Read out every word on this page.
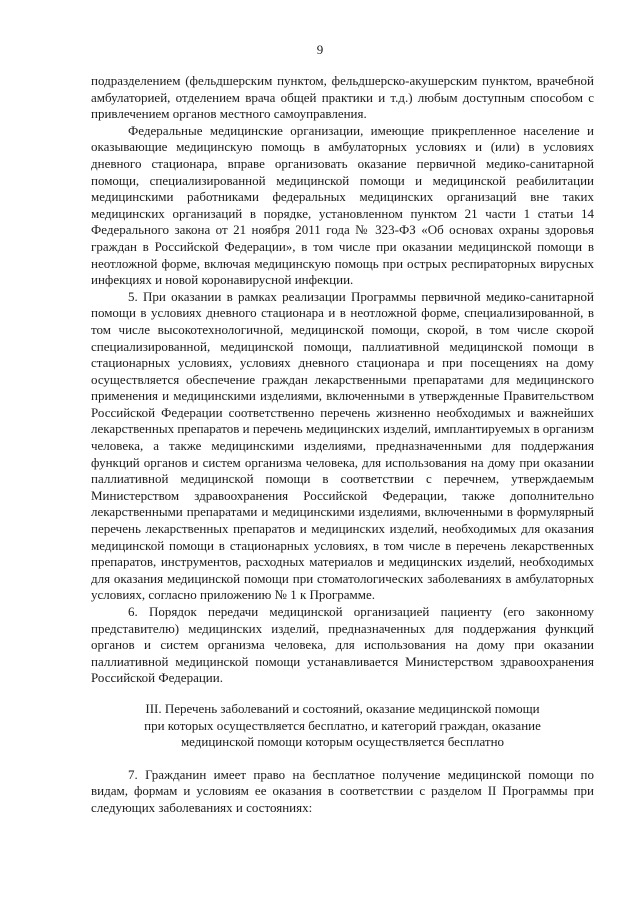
9

подразделением (фельдшерским пунктом, фельдшерско-акушерским пунктом, врачебной амбулаторией, отделением врача общей практики и т.д.) любым доступным способом с привлечением органов местного самоуправления.

Федеральные медицинские организации, имеющие прикрепленное население и оказывающие медицинскую помощь в амбулаторных условиях и (или) в условиях дневного стационара, вправе организовать оказание первичной медико-санитарной помощи, специализированной медицинской помощи и медицинской реабилитации медицинскими работниками федеральных медицинских организаций вне таких медицинских организаций в порядке, установленном пунктом 21 части 1 статьи 14 Федерального закона от 21 ноября 2011 года № 323-ФЗ «Об основах охраны здоровья граждан в Российской Федерации», в том числе при оказании медицинской помощи в неотложной форме, включая медицинскую помощь при острых респираторных вирусных инфекциях и новой коронавирусной инфекции.

5. При оказании в рамках реализации Программы первичной медико-санитарной помощи в условиях дневного стационара и в неотложной форме, специализированной, в том числе высокотехнологичной, медицинской помощи, скорой, в том числе скорой специализированной, медицинской помощи, паллиативной медицинской помощи в стационарных условиях, условиях дневного стационара и при посещениях на дому осуществляется обеспечение граждан лекарственными препаратами для медицинского применения и медицинскими изделиями, включенными в утвержденные Правительством Российской Федерации соответственно перечень жизненно необходимых и важнейших лекарственных препаратов и перечень медицинских изделий, имплантируемых в организм человека, а также медицинскими изделиями, предназначенными для поддержания функций органов и систем организма человека, для использования на дому при оказании паллиативной медицинской помощи в соответствии с перечнем, утверждаемым Министерством здравоохранения Российской Федерации, также дополнительно лекарственными препаратами и медицинскими изделиями, включенными в формулярный перечень лекарственных препаратов и медицинских изделий, необходимых для оказания медицинской помощи в стационарных условиях, в том числе в перечень лекарственных препаратов, инструментов, расходных материалов и медицинских изделий, необходимых для оказания медицинской помощи при стоматологических заболеваниях в амбулаторных условиях, согласно приложению № 1 к Программе.

6. Порядок передачи медицинской организацией пациенту (его законному представителю) медицинских изделий, предназначенных для поддержания функций органов и систем организма человека, для использования на дому при оказании паллиативной медицинской помощи устанавливается Министерством здравоохранения Российской Федерации.

III. Перечень заболеваний и состояний, оказание медицинской помощи
при которых осуществляется бесплатно, и категорий граждан, оказание
медицинской помощи которым осуществляется бесплатно

7. Гражданин имеет право на бесплатное получение медицинской помощи по видам, формам и условиям ее оказания в соответствии с разделом II Программы при следующих заболеваниях и состояниях:
